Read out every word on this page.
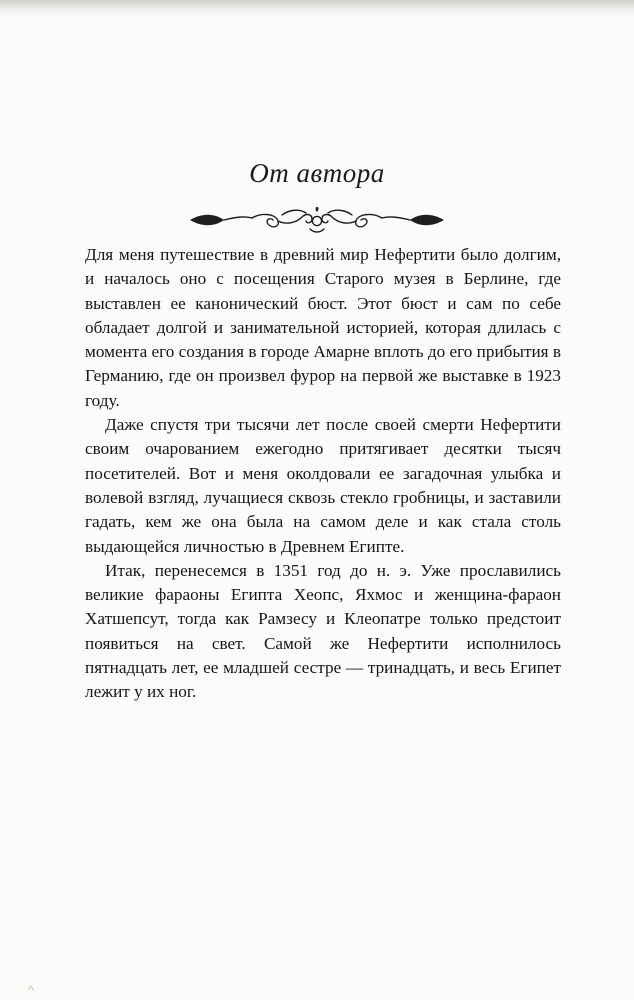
От автора

Для меня путешествие в древний мир Нефертити было долгим, и началось оно с посещения Старого музея в Берлине, где выставлен ее канонический бюст. Этот бюст и сам по себе обладает долгой и занимательной историей, которая длилась с момента его создания в городе Амарне вплоть до его прибытия в Германию, где он произвел фурор на первой же выставке в 1923 году.

Даже спустя три тысячи лет после своей смерти Нефертити своим очарованием ежегодно притягивает десятки тысяч посетителей. Вот и меня околдовали ее загадочная улыбка и волевой взгляд, лучащиеся сквозь стекло гробницы, и заставили гадать, кем же она была на самом деле и как стала столь выдающейся личностью в Древнем Египте.

Итак, перенесемся в 1351 год до н. э. Уже прославились великие фараоны Египта Хеопс, Яхмос и женщина-фараон Хатшепсут, тогда как Рамзесу и Клеопатре только предстоит появиться на свет. Самой же Нефертити исполнилось пятнадцать лет, ее младшей сестре — тринадцать, и весь Египет лежит у их ног.

^
